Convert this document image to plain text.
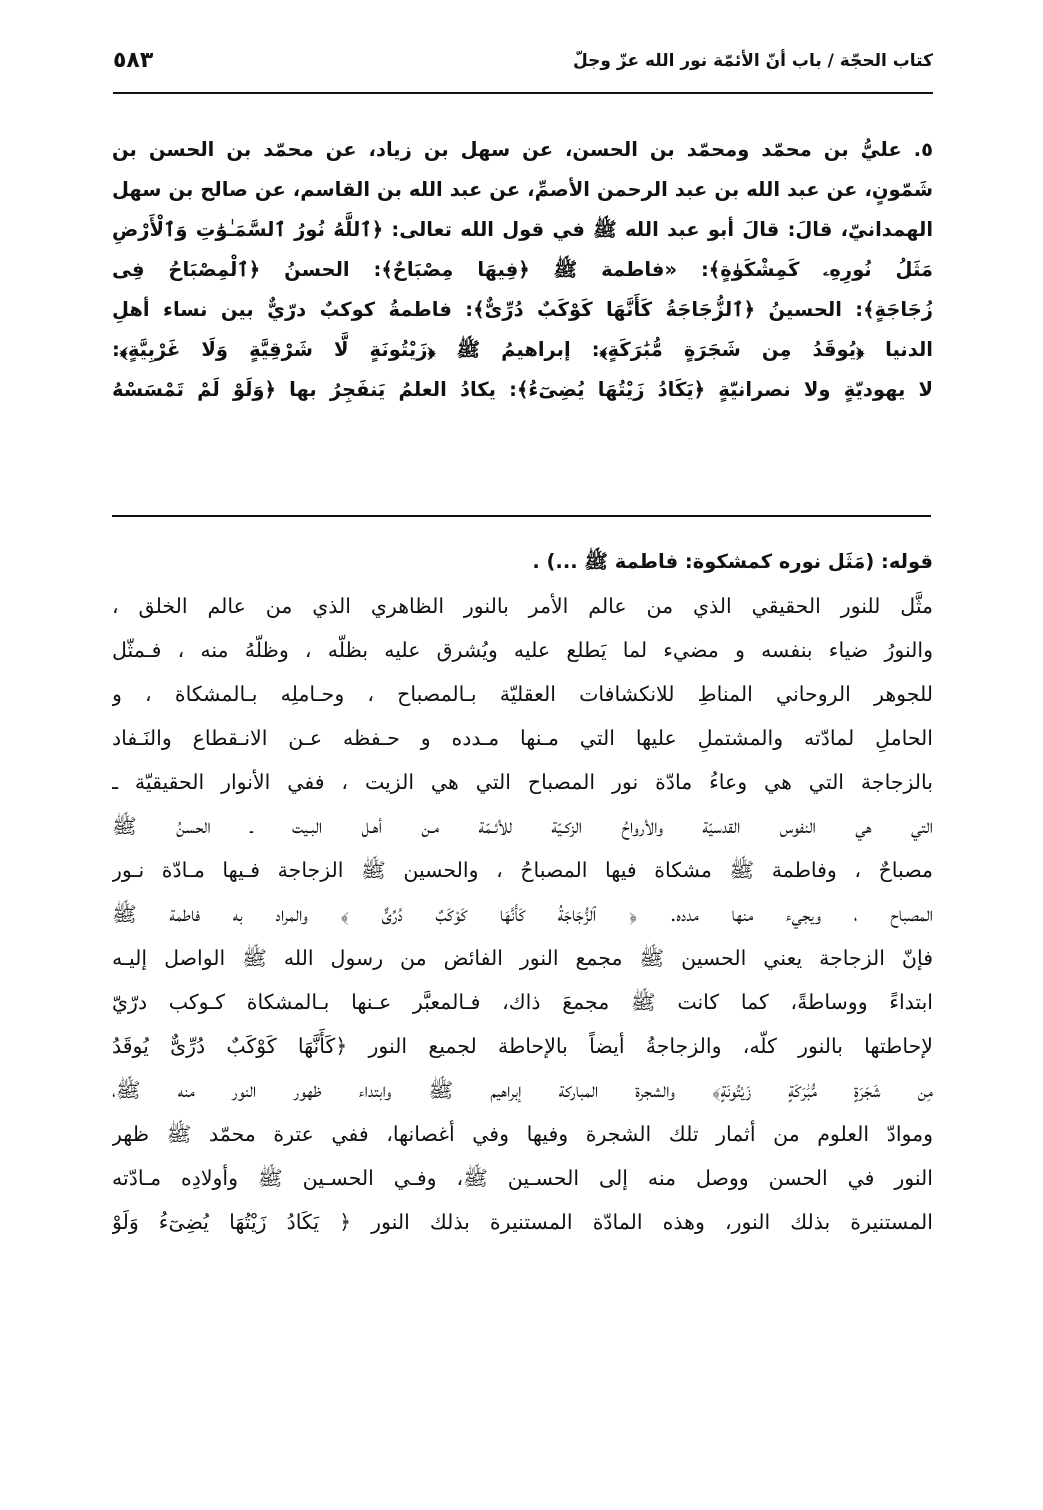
كتاب الحجّة / باب أنّ الأئمّة نور الله عزّ وجلّ
٥٨٣
٥. عليُّ بن محمّد ومحمّد بن الحسن، عن سهل بن زياد، عن محمّد بن الحسن بن
شَمّونٍ، عن عبد الله بن عبد الرحمن الأصمِّ، عن عبد الله بن القاسم، عن صالح بن سهل
الهمدانيّ، قالَ: قالَ أبو عبد الله ﷺ في قول الله تعالى: ﴿ٱللَّهُ نُورُ ٱلسَّمَـٰوَٰتِ وَٱلْأَرْضِ
مَثَلُ نُورِهِۦ كَمِشْكَوٰةٍ﴾: «فاطمة ﷺ ﴿فِيهَا مِصْبَاحٌ﴾: الحسنُ ﴿ٱلْمِصْبَاحُ فِى
زُجَاجَةٍ﴾: الحسينُ ﴿ٱلزُّجَاجَةُ كَأَنَّهَا كَوْكَبٌ دُرِّىٌّ﴾: فاطمةُ كوكبٌ درّيٌّ بين نساء أهلِ
الدنيا ﴿يُوقَدُ مِن شَجَرَةٍ مُّبَٰرَكَةٍ﴾: إبراهيمُ ﷺ ﴿زَيْتُونَةٍ لَّا شَرْقِيَّةٍ وَلَا غَرْبِيَّةٍ﴾:
لا يهوديّةٍ ولا نصرانيّةٍ ﴿يَكَادُ زَيْتُهَا يُضِىٓءُ﴾: يكادُ العلمُ يَنفَجِرُ بها ﴿وَلَوْ لَمْ تَمْسَسْهُ
قوله: (مَثَل نوره كمشكوة: فاطمة ﷺ ...) .
مثَّل للنور الحقيقي الذي من عالم الأمر بالنور الظاهري الذي من عالم الخلق ،
والنورُ ضياء بنفسه و مضيء لما يَطلع عليه ويُشرق عليه بظلّه ، وظلّهُ منه ، فـمثّل
للجوهر الروحاني المناطِ للانكشافات العقليّة بـالمصباح ، وحـاملِه بـالمشكاة ، و
الحاملِ لمادّته والمشتملِ عليها التي مـنها مـدده و حـفظه عـن الانـقطاع والنَـفاد
بالزجاجة التي هي وعاءُ مادّة نور المصباح التي هي الزيت ، ففي الأنوار الحقيقيّة ـ
التي هي النفوس القدسيّة والأرواحُ الزكـيّة للأئـمّة مـن أهـل البـيت ـ الحسنُ ﷺ
مصباحٌ ، وفاطمة ﷺ مشكاة فيها المصباحُ ، والحسين ﷺ الزجاجة فـيها مـادّة نـور
المصباح ، ويجيء منها مدده. ﴿ ٱلزُّجَاجَةُ كَأَنَّهَا كَوْكَبٌ دُرِّىٌّ ﴾ والمراد به فاطمة ﷺ
فإنّ الزجاجة يعني الحسين ﷺ مجمع النور الفائض من رسول الله ﷺ الواصل إليـه
ابتداءً ووساطةً، كما كانت ﷺ مجمعَ ذاك، فـالمعبَّر عـنها بـالمشكاة كـوكب درّيّ
لإحاطتها بالنور كلّه، والزجاجةُ أيضاً بالإحاطة لجميع النور ﴿كَأَنَّهَا كَوْكَبٌ دُرِّىٌّ يُوقَدُ
مِن شَجَرَةٍ مُّبَٰرَكَةٍ زَيْتُونَةٍ﴾ والشجرة المباركة إبراهيم ﷺ وابتداء ظهور النور منه ﷺ،
وموادّ العلوم من أثمار تلك الشجرة وفيها وفي أغصانها، ففي عترة محمّد ﷺ ظهر
النور في الحسن ووصل منه إلى الحسـين ﷺ، وفـي الحسـين ﷺ وأولادِه مـادّته
المستنيرة بذلك النور، وهذه المادّة المستنيرة بذلك النور ﴿ يَكَادُ زَيْتُهَا يُضِىٓءُ وَلَوْ
